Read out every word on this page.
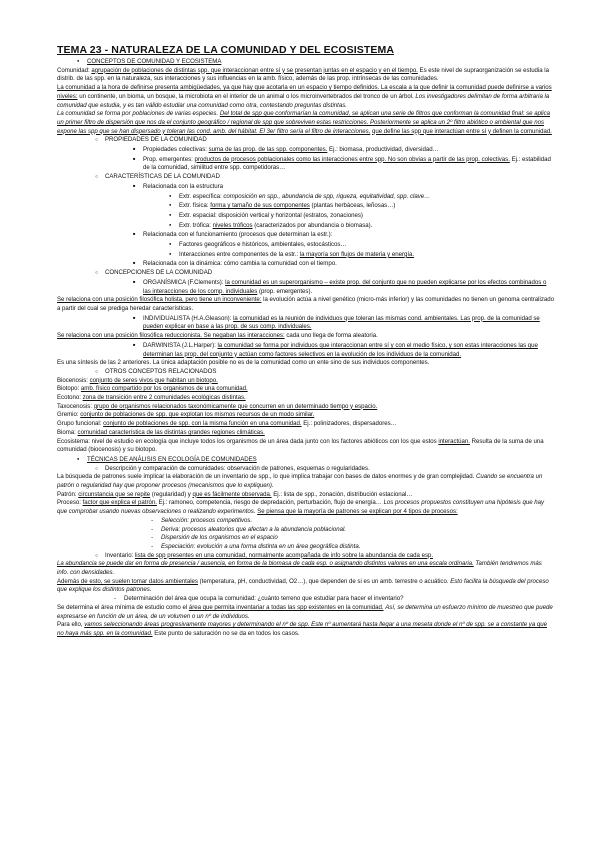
TEMA 23 - NATURALEZA DE LA COMUNIDAD Y DEL ECOSISTEMA

● CONCEPTOS DE COMUNIDAD Y ECOSISTEMA

Comunidad: agrupación de poblaciones de distintas spp. que interaccionan entre sí y se presentan juntas en el espacio y en el tiempo. Es este nivel de supraorganización se estudia la distrib. de las spp. en la naturaleza, sus interacciones y sus influencias en la amb. físico, además de las prop. intrínsecas de las comunidades.

La comunidad a la hora de definirse presenta ambigüedades, ya que hay que acotarla en un espacio y tiempo definidos. La escala a la que definir la comunidad puede definirse a varios niveles: un continente, un bioma, un bosque, la microbiota en el interior de un animal o los microinvertebrados del tronco de un árbol. Los investigadores delimitan de forma arbitraria la comunidad que estudia, y es tan válido estudiar una comunidad como otra, contestando preguntas distintas.

La comunidad se forma por poblaciones de varias especies. Del total de spp que conformarían la comunidad, se aplican una serie de filtros que conforman la comunidad final: se aplica un primer filtro de dispersión que nos da el conjunto geográfico / regional de spp que sobreviven estas restricciones. Posteriormente se aplica un 2º filtro abiótico o ambiental que nos expone las spp que se han dispersado y toleran las cond. amb. del hábitat. El 3er filtro sería el filtro de interacciones, que define las spp que interactúan entre sí y definen la comunidad.

○ PROPIEDADES DE LA COMUNIDAD

■ Propiedades colectivas: suma de las prop. de las spp. componentes. Ej.: biomasa, productividad, diversidad…

■ Prop. emergentes: productos de procesos poblacionales como las interacciones entre spp. No son obvias a partir de las prop. colectivas. Ej.: estabilidad de la comunidad, similitud entre spp. competidoras…

○ CARACTERÍSTICAS DE LA COMUNIDAD

■ Relacionada con la estructura

● Extr. específica: composición en spp., abundancia de spp, riqueza, equitatividad, spp. clave…

● Extr. física: forma y tamaño de sus componentes (plantas herbáceas, leñosas…)

● Extr. espacial: disposición vertical y horizontal (estratos, zonaciones)

● Extr. trófica: niveles tróficos (caracterizados por abundancia o biomasa).

■ Relacionada con el funcionamiento (procesos que determinan la estr.):

● Factores geográficos e históricos, ambientales, estocásticos…

● Interacciones entre componentes de la estr.: la mayoría son flujos de materia y energía.

■ Relacionada con la dinámica: cómo cambia la comunidad con el tiempo.

○ CONCEPCIONES DE LA COMUNIDAD

■ ORGANÍSMICA (F.Clements): la comunidad es un superorganismo – existe prop. del conjunto que no pueden explicarse por los efectos combinados o las interacciones de los comp. individuales (prop. emergentes).

Se relaciona con una posición filosófica holista, pero tiene un inconveniente: la evolución actúa a nivel genético (micro-más inferior) y las comunidades no tienen un genoma centralizado a partir del cual se prediga heredar características.

■ INDIVIDUALISTA (H.A.Gleason): la comunidad es la reunión de individuos que toleran las mismas cond. ambientales. Las prop. de la comunidad se pueden explicar en base a las prop. de sus comp. individuales.

Se relaciona con una posición filosófica reduccionista. Se negaban las interacciones: cada uno llega de forma aleatoria.

■ DARWINISTA (J.L.Harper): la comunidad se forma por individuos que interaccionan entre sí y con el medio físico, y son estas interacciones las que determinan las prop. del conjunto y actúan como factores selectivos en la evolución de los individuos de la comunidad.

Es una síntesis de las 2 anteriores. La única adaptación posible no es de la comunidad como un ente sino de sus individuos componentes.

○ OTROS CONCEPTOS RELACIONADOS

Biocenosis: conjunto de seres vivos que habitan un biotopo.

Biotopo: amb. físico compartido por los organismos de una comunidad.

Ecotono: zona de transición entre 2 comunidades ecológicas distintas.

Taxocenosis: grupo de organismos relacionados taxonómicamente que concurren en un determinado tiempo y espacio.

Gremio: conjunto de poblaciones de spp. que explotan los mismos recursos de un modo similar.

Grupo funcional: conjunto de poblaciones de spp. con la misma función en una comunidad. Ej.: polinizadores, dispersadores…

Bioma: comunidad característica de las distintas grandes regiones climáticas.

Ecosistema: nivel de estudio en ecología que incluye todos los organismos de un área dada junto con los factores abióticos con los que estos interactúan. Resulta de la suma de una comunidad (biocenosis) y su biotopo.

● TÉCNICAS DE ANÁLISIS EN ECOLOGÍA DE COMUNIDADES

○ Descripción y comparación de comunidades: observación de patrones, esquemas o regularidades.

La búsqueda de patrones suele implicar la elaboración de un inventario de spp., lo que implica trabajar con bases de datos enormes y de gran complejidad. Cuando se encuentra un patrón o regularidad hay que proponer procesos (mecanismos que lo expliquen).

Patrón: circunstancia que se repite (regularidad) y que es fácilmente observada. Ej.: lista de spp., zonación, distribución estacional…

Proceso: factor que explica el patrón. Ej.: ramoneo, competencia, riesgo de depredación, perturbación, flujo de energía… Los procesos propuestos constituyen una hipótesis que hay que comprobar usando nuevas observaciones o realizando experimentos. Se piensa que la mayoría de patrones se explican por 4 tipos de procesos:

- Selección: procesos competitivos.

- Deriva: procesos aleatorios que afectan a la abundancia poblacional.

- Dispersión de los organismos en el espacio

- Especiación: evolución a una forma distinta en un área geográfica distinta.

○ Inventario: lista de spp presentes en una comunidad, normalmente acompañada de info sobre la abundancia de cada esp.

La abundancia se puede dar en forma de presencia / ausencia, en forma de la biomasa de cada esp. o asignando distintos valores en una escala ordinaria. También tendremos más info. con densidades.

Además de esto, se suelen tomar datos ambientales (temperatura, pH, conductividad, O2…), que dependen de si es un amb. terrestre o acuático. Esto facilita la búsqueda del proceso que explique los distintos patrones.

- Determinación del área que ocupa la comunidad: ¿cuánto terreno que estudiar para hacer el inventario?

Se determina el área mínima de estudio como el área que permita inventariar a todas las spp existentes en la comunidad. Así, se determina un esfuerzo mínimo de muestreo que puede expresarse en función de un área, de un volumen o un nº de individuos.

Para ello, vamos seleccionando áreas progresivamente mayores y determinando el nº de spp. Este nº aumentará hasta llegar a una meseta donde el nº de spp. se a constante ya que no haya más spp. en la comunidad. Este punto de saturación no se da en todos los casos.
